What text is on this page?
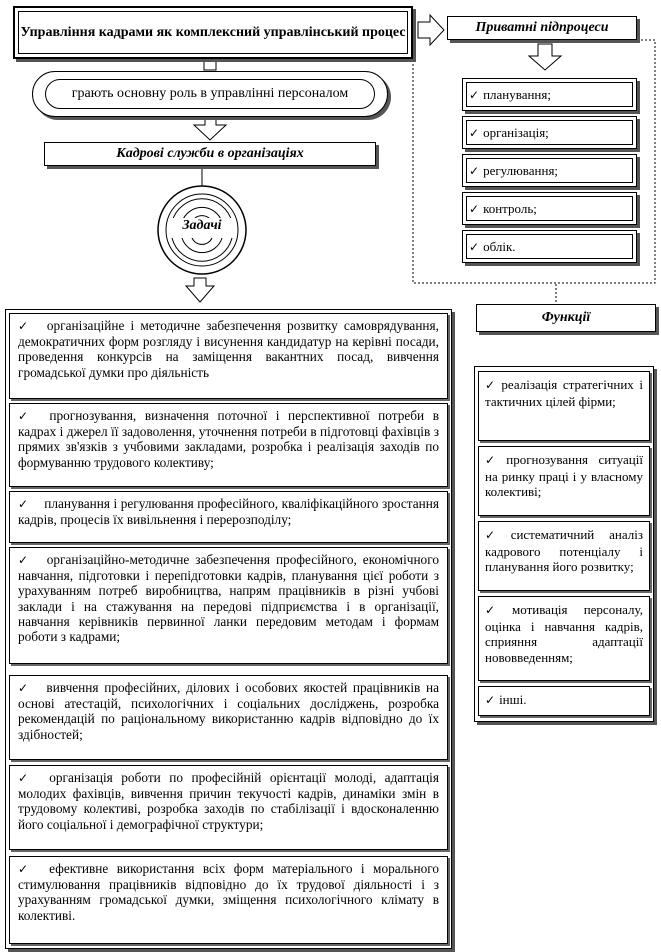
Управління кадрами як комплексний управлінський процес	Приватні підпроцеси
✓ планування;
✓ організація;
✓ регулювання;
✓ контроль;
✓ облік.
грають основну роль в управлінні персоналом
Кадрові служби в організаціях
Задачі
Функції
✓ організаційне і методичне забезпечення розвитку самоврядування, демократичних форм розгляду і висунення кандидатур на керівні посади, проведення конкурсів на заміщення вакантних посад, вивчення громадської думки про діяльність
✓ прогнозування, визначення поточної і перспективної потреби в кадрах і джерел її задоволення, уточнення потреби в підготовці фахівців з прямих зв'язків з учбовими закладами, розробка і реалізація заходів по формуванню трудового колективу;
✓ планування і регулювання професійного, кваліфікаційного зростання кадрів, процесів їх вивільнення і перерозподілу;
✓ організаційно-методичне забезпечення професійного, економічного навчання, підготовки і перепідготовки кадрів, планування цієї роботи з урахуванням потреб виробництва, напрям працівників в різні учбові заклади і на стажування на передові підприємства і в організації, навчання керівників первинної ланки передовим методам і формам роботи з кадрами;
✓ вивчення професійних, ділових і особових якостей працівників на основі атестацій, психологічних і соціальних досліджень, розробка рекомендацій по раціональному використанню кадрів відповідно до їх здібностей;
✓ організація роботи по професійній орієнтації молоді, адаптація молодих фахівців, вивчення причин текучості кадрів, динаміки змін в трудовому колективі, розробка заходів по стабілізації і вдосконаленню його соціальної і демографічної структури;
✓ ефективне використання всіх форм матеріального і морального стимулювання працівників відповідно до їх трудової діяльності і з урахуванням громадської думки, зміщення психологічного клімату в колективі.
✓ реалізація стратегічних і тактичних цілей фірми;
✓ прогнозування ситуації на ринку праці і у власному колективі;
✓ систематичний аналіз кадрового потенціалу і планування його розвитку;
✓ мотивація персоналу, оцінка і навчання кадрів, сприяння адаптації нововведенням;
✓ інші.
